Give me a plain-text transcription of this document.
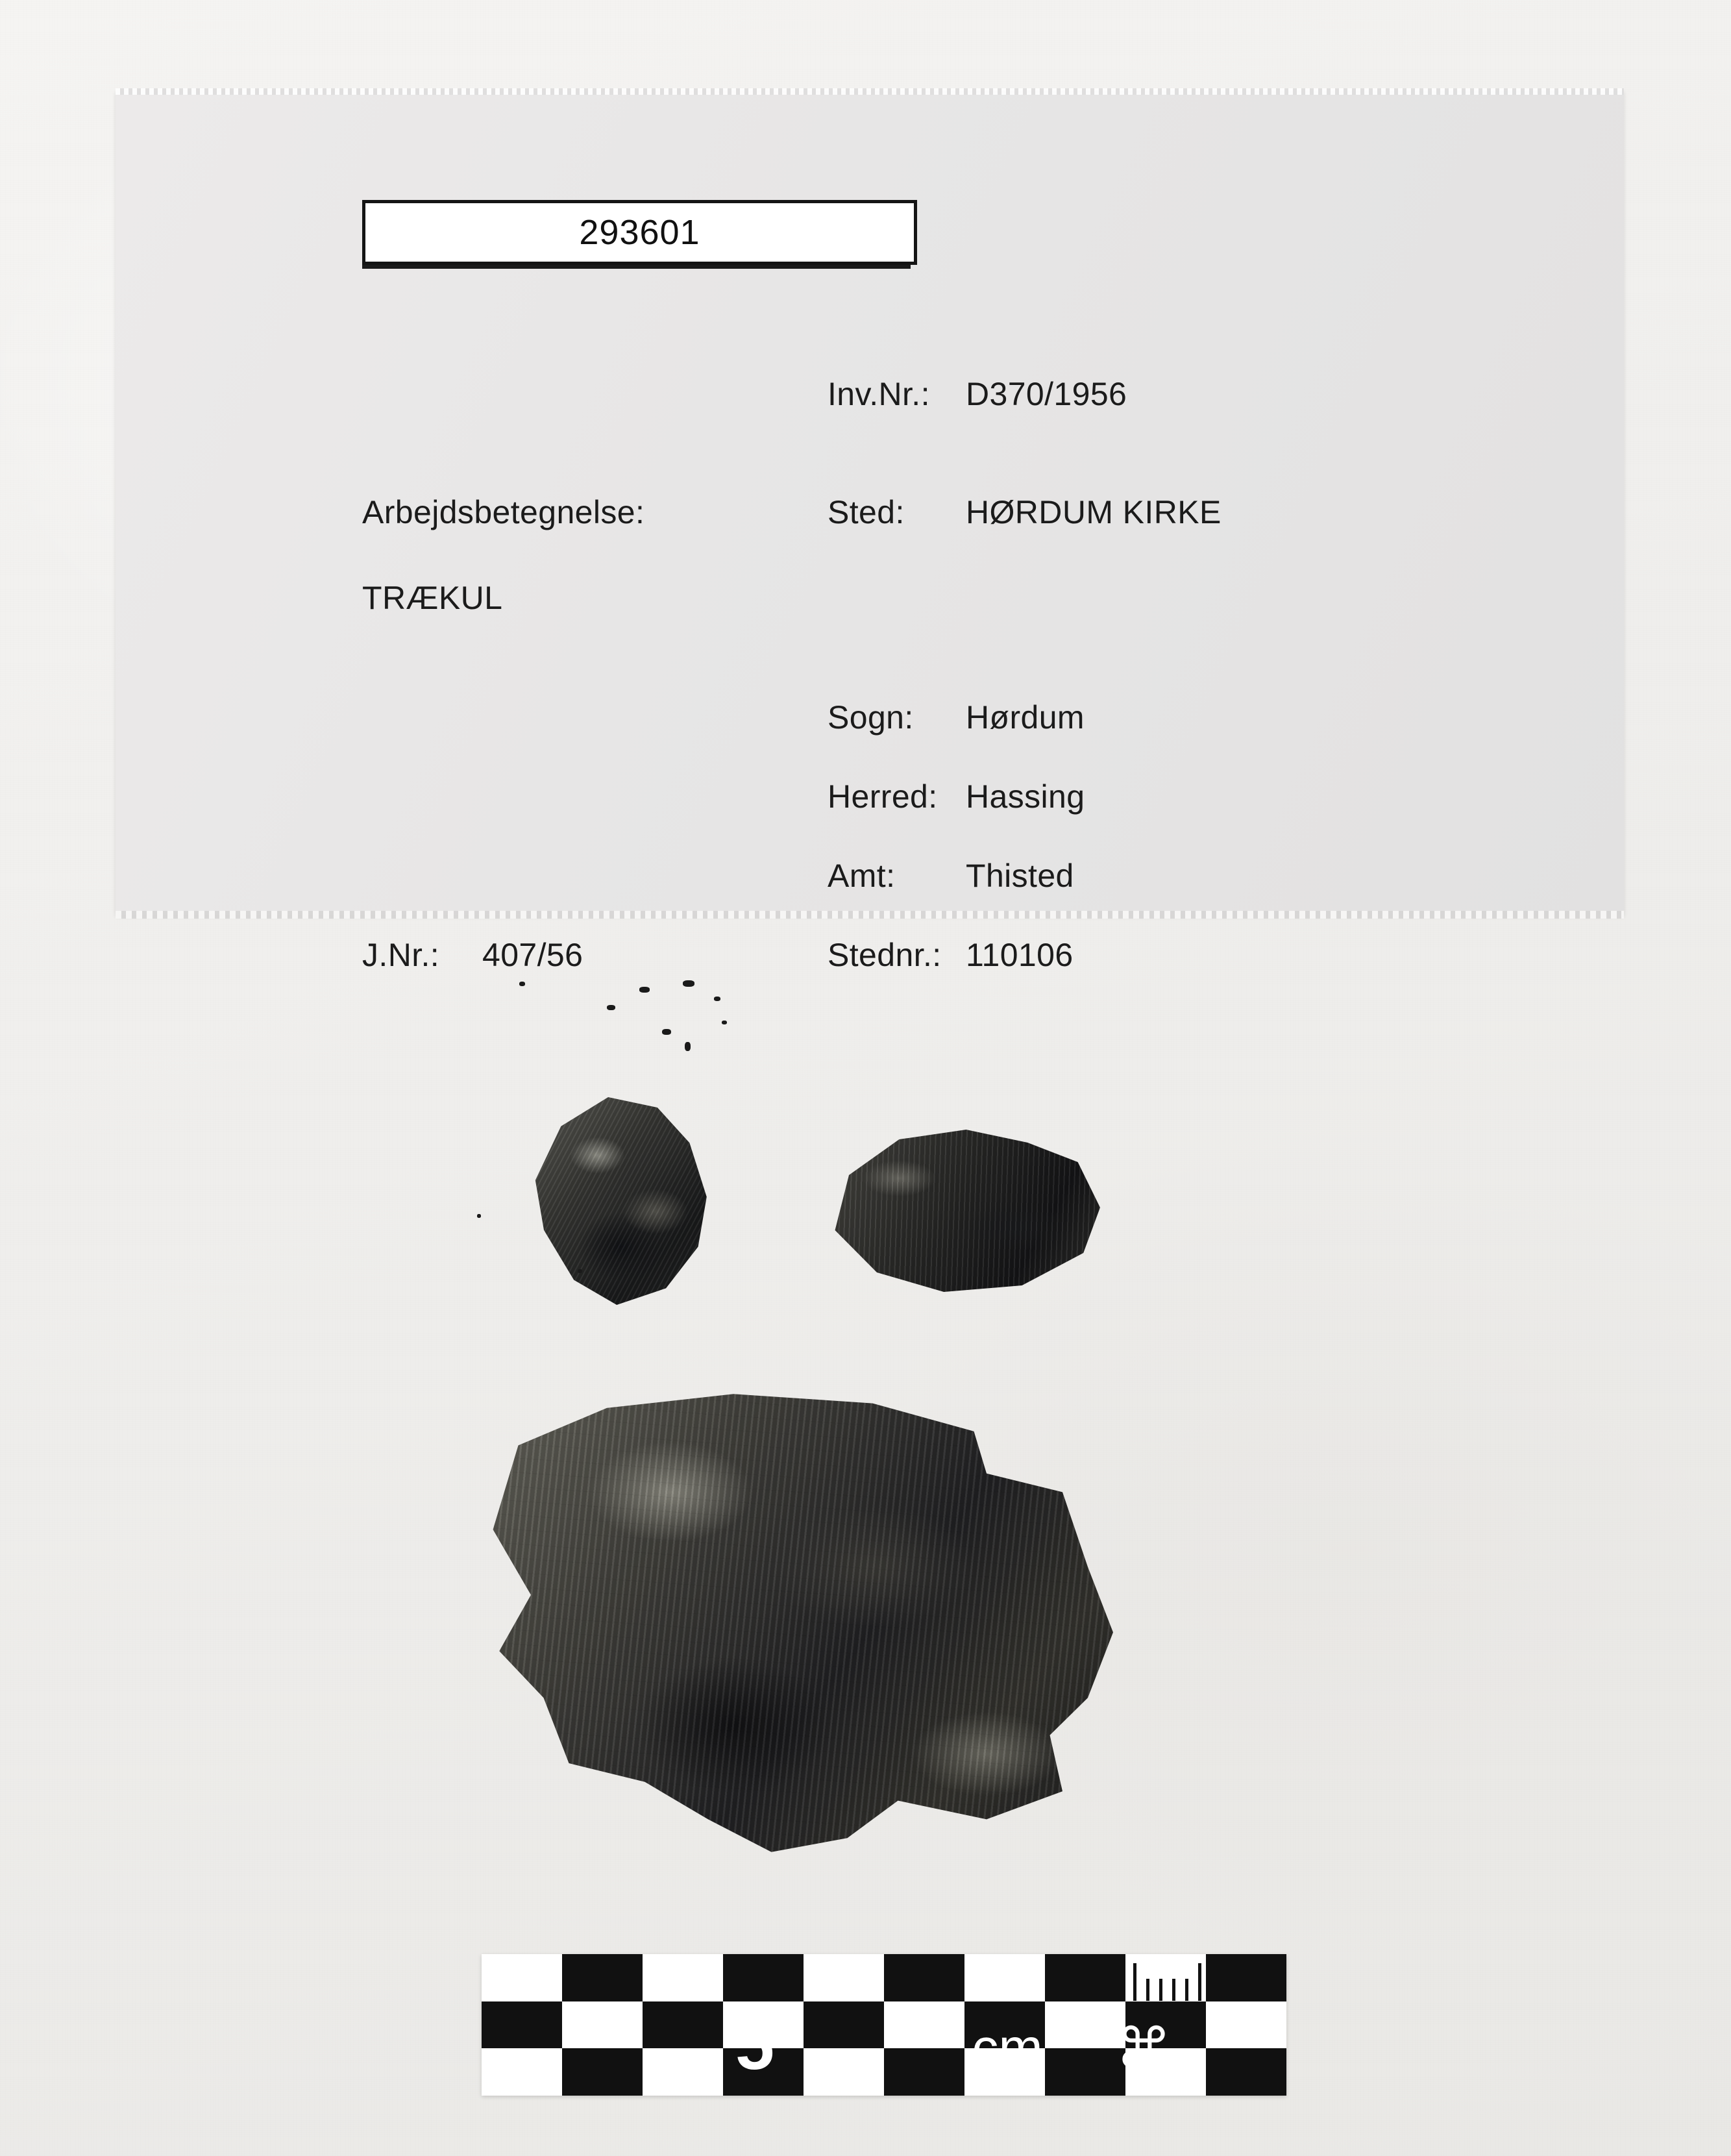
293601
Arbejdsbetegnelse:
TRÆKUL
J.Nr.: 407/56
Inv.Nr.: D370/1956
Sted: HØRDUM KIRKE
Sogn: Hørdum
Herred: Hassing
Amt: Thisted
Stednr.: 110106
5	cm	⌘
